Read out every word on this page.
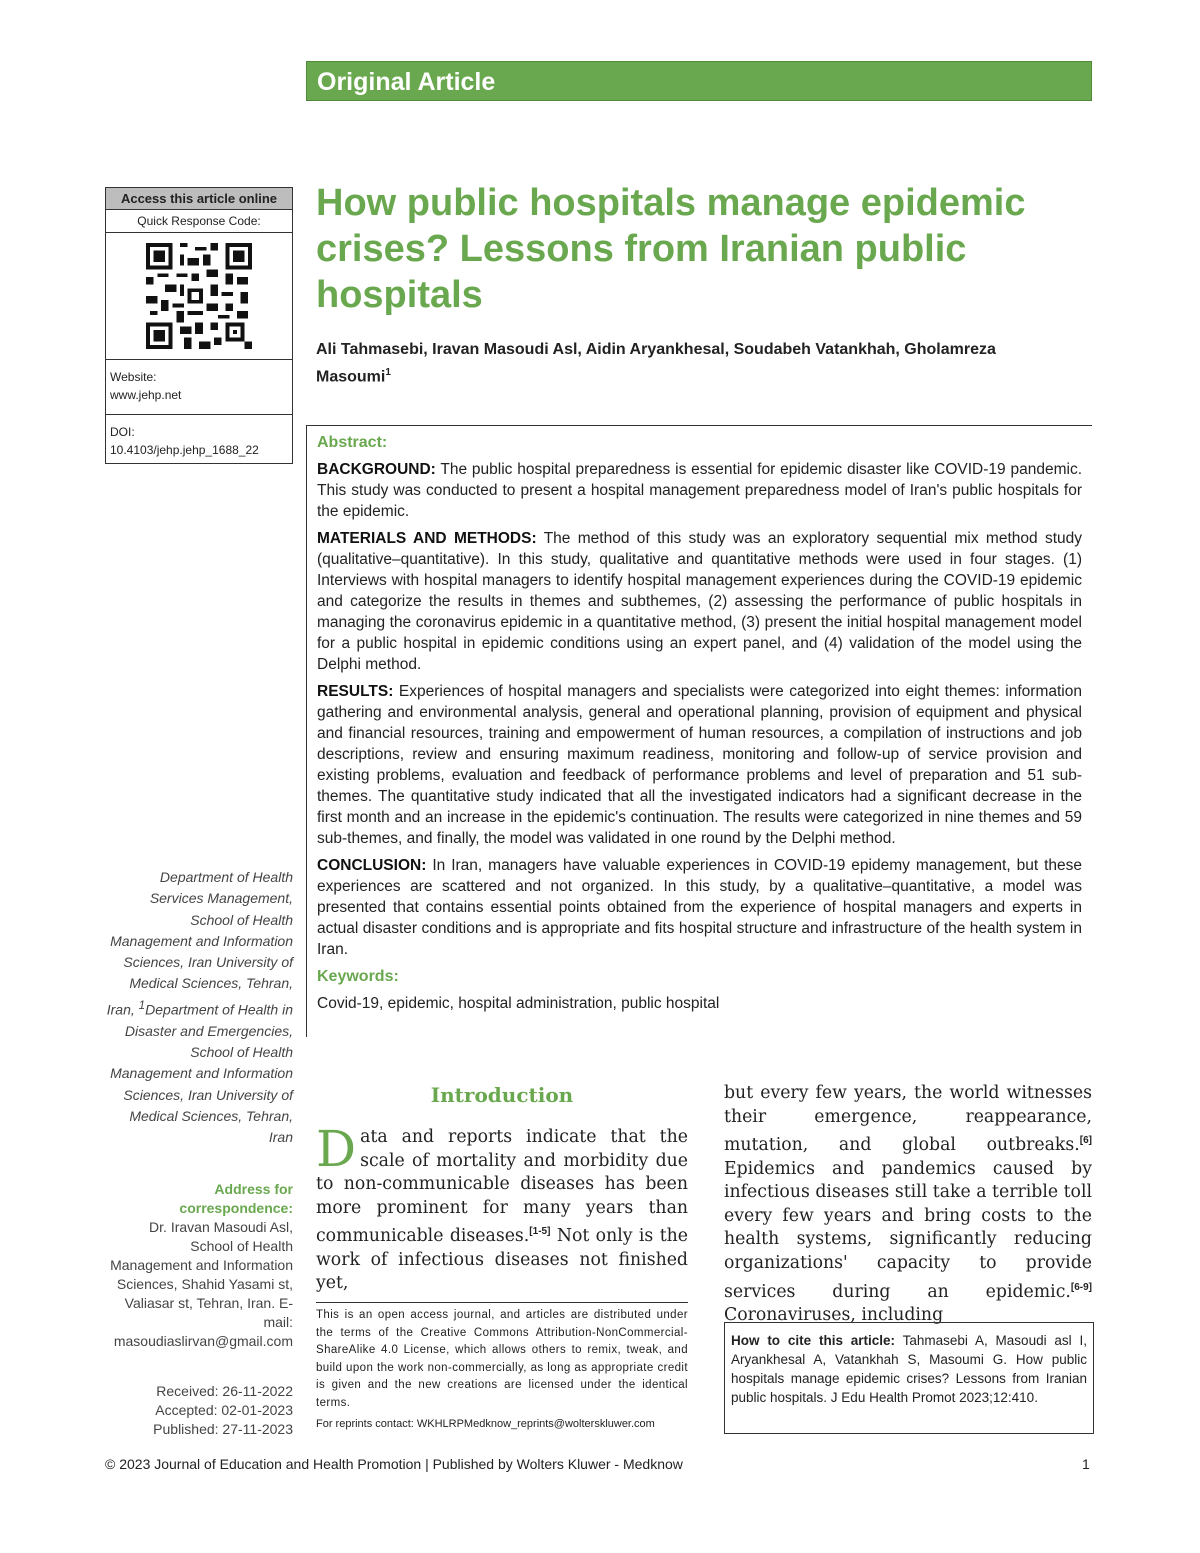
Original Article
Access this article online
Quick Response Code:
Website:
www.jehp.net
DOI:
10.4103/jehp.jehp_1688_22
How public hospitals manage epidemic crises? Lessons from Iranian public hospitals
Ali Tahmasebi, Iravan Masoudi Asl, Aidin Aryankhesal, Soudabeh Vatankhah, Gholamreza Masoumi$^1$
Abstract:

BACKGROUND: The public hospital preparedness is essential for epidemic disaster like COVID-19 pandemic. This study was conducted to present a hospital management preparedness model of Iran's public hospitals for the epidemic.

MATERIALS AND METHODS: The method of this study was an exploratory sequential mix method study (qualitative–quantitative). In this study, qualitative and quantitative methods were used in four stages. (1) Interviews with hospital managers to identify hospital management experiences during the COVID-19 epidemic and categorize the results in themes and subthemes, (2) assessing the performance of public hospitals in managing the coronavirus epidemic in a quantitative method, (3) present the initial hospital management model for a public hospital in epidemic conditions using an expert panel, and (4) validation of the model using the Delphi method.

RESULTS: Experiences of hospital managers and specialists were categorized into eight themes: information gathering and environmental analysis, general and operational planning, provision of equipment and physical and financial resources, training and empowerment of human resources, a compilation of instructions and job descriptions, review and ensuring maximum readiness, monitoring and follow-up of service provision and existing problems, evaluation and feedback of performance problems and level of preparation and 51 sub-themes. The quantitative study indicated that all the investigated indicators had a significant decrease in the first month and an increase in the epidemic's continuation. The results were categorized in nine themes and 59 sub-themes, and finally, the model was validated in one round by the Delphi method.

CONCLUSION: In Iran, managers have valuable experiences in COVID-19 epidemy management, but these experiences are scattered and not organized. In this study, by a qualitative–quantitative, a model was presented that contains essential points obtained from the experience of hospital managers and experts in actual disaster conditions and is appropriate and fits hospital structure and infrastructure of the health system in Iran.

Keywords:

Covid-19, epidemic, hospital administration, public hospital

Department of Health Services Management, School of Health Management and Information Sciences, Iran University of Medical Sciences, Tehran, Iran, $^1$Department of Health in Disaster and Emergencies, School of Health Management and Information Sciences, Iran University of Medical Sciences, Tehran, Iran
Address for correspondence:
Dr. Iravan Masoudi Asl, School of Health Management and Information Sciences, Shahid Yasami st, Valiasar st, Tehran, Iran. E-mail: masoudiaslirvan@gmail.com
Received: 26-11-2022
Accepted: 02-01-2023
Published: 27-11-2023
Introduction

Data and reports indicate that the scale of mortality and morbidity due to non-communicable diseases has been more prominent for many years than communicable diseases.[1-5] Not only is the work of infectious diseases not finished yet,

but every few years, the world witnesses their emergence, reappearance, mutation, and global outbreaks.[6] Epidemics and pandemics caused by infectious diseases still take a terrible toll every few years and bring costs to the health systems, significantly reducing organizations' capacity to provide services during an epidemic.[6-9] Coronaviruses, including

This is an open access journal, and articles are distributed under the terms of the Creative Commons Attribution-NonCommercial-ShareAlike 4.0 License, which allows others to remix, tweak, and build upon the work non-commercially, as long as appropriate credit is given and the new creations are licensed under the identical terms.
For reprints contact: WKHLRPMedknow_reprints@wolterskluwer.com
How to cite this article: Tahmasebi A, Masoudi asl I, Aryankhesal A, Vatankhah S, Masoumi G. How public hospitals manage epidemic crises? Lessons from Iranian public hospitals. J Edu Health Promot 2023;12:410.
© 2023 Journal of Education and Health Promotion | Published by Wolters Kluwer - Medknow	1
